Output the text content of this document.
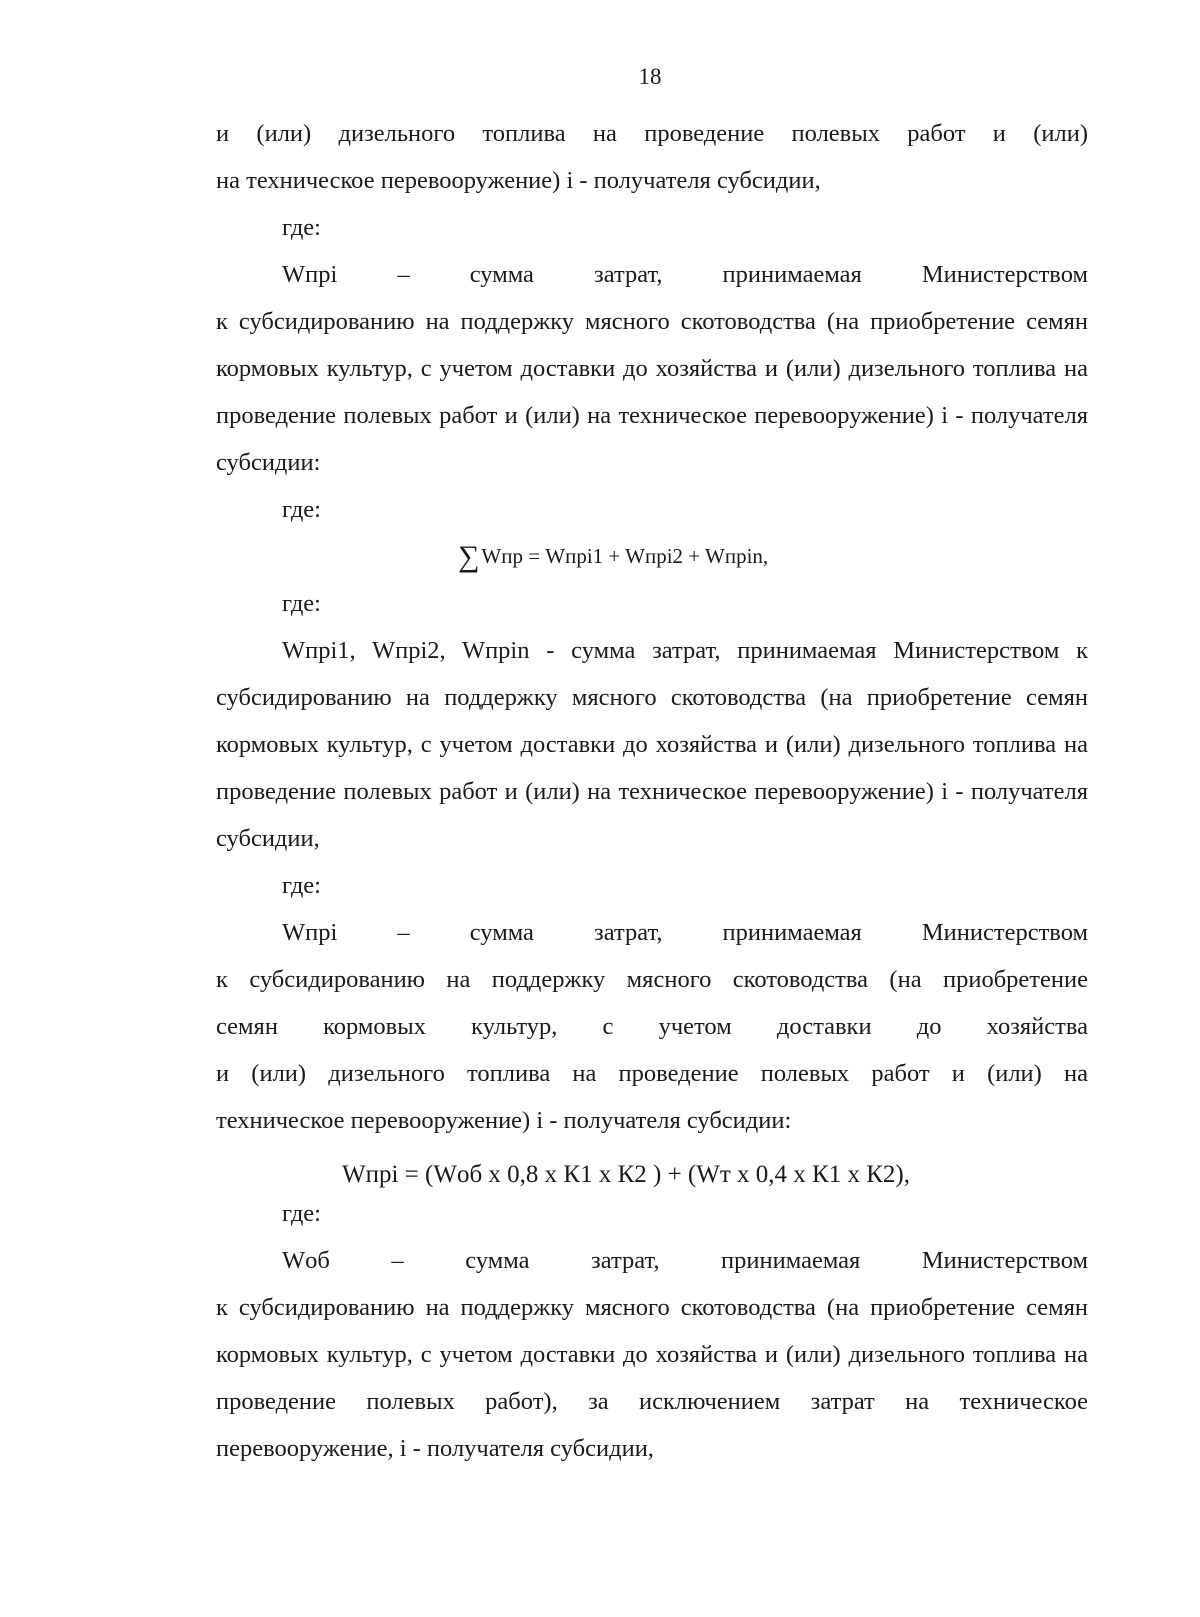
18

и (или) дизельного топлива на проведение полевых работ и (или)
на техническое перевооружение) i - получателя субсидии,

где:

Wпрi – сумма затрат, принимаемая Министерством
к субсидированию на поддержку мясного скотоводства (на приобретение семян кормовых культур, с учетом доставки до хозяйства и (или) дизельного топлива на проведение полевых работ и (или) на техническое перевооружение) i - получателя субсидии:

где:

∑Wпр = Wпрi1 + Wпрi2 + Wпрin,

где:

Wпрi1, Wпрi2, Wпрin - сумма затрат, принимаемая Министерством к субсидированию на поддержку мясного скотоводства (на приобретение семян кормовых культур, с учетом доставки до хозяйства и (или) дизельного топлива на проведение полевых работ и (или) на техническое перевооружение) i - получателя субсидии,

где:

Wпрi – сумма затрат, принимаемая Министерством
к субсидированию на поддержку мясного скотоводства (на приобретение
семян кормовых культур, с учетом доставки до хозяйства
и (или) дизельного топлива на проведение полевых работ и (или) на
техническое перевооружение) i - получателя субсидии:

Wпрi = (Wоб x 0,8 x К1 x К2 ) + (Wт x 0,4 x К1 x К2),

где:

Wоб – сумма затрат, принимаемая Министерством
к субсидированию на поддержку мясного скотоводства (на приобретение семян кормовых культур, с учетом доставки до хозяйства и (или) дизельного топлива на проведение полевых работ), за исключением затрат на техническое перевооружение, i - получателя субсидии,
